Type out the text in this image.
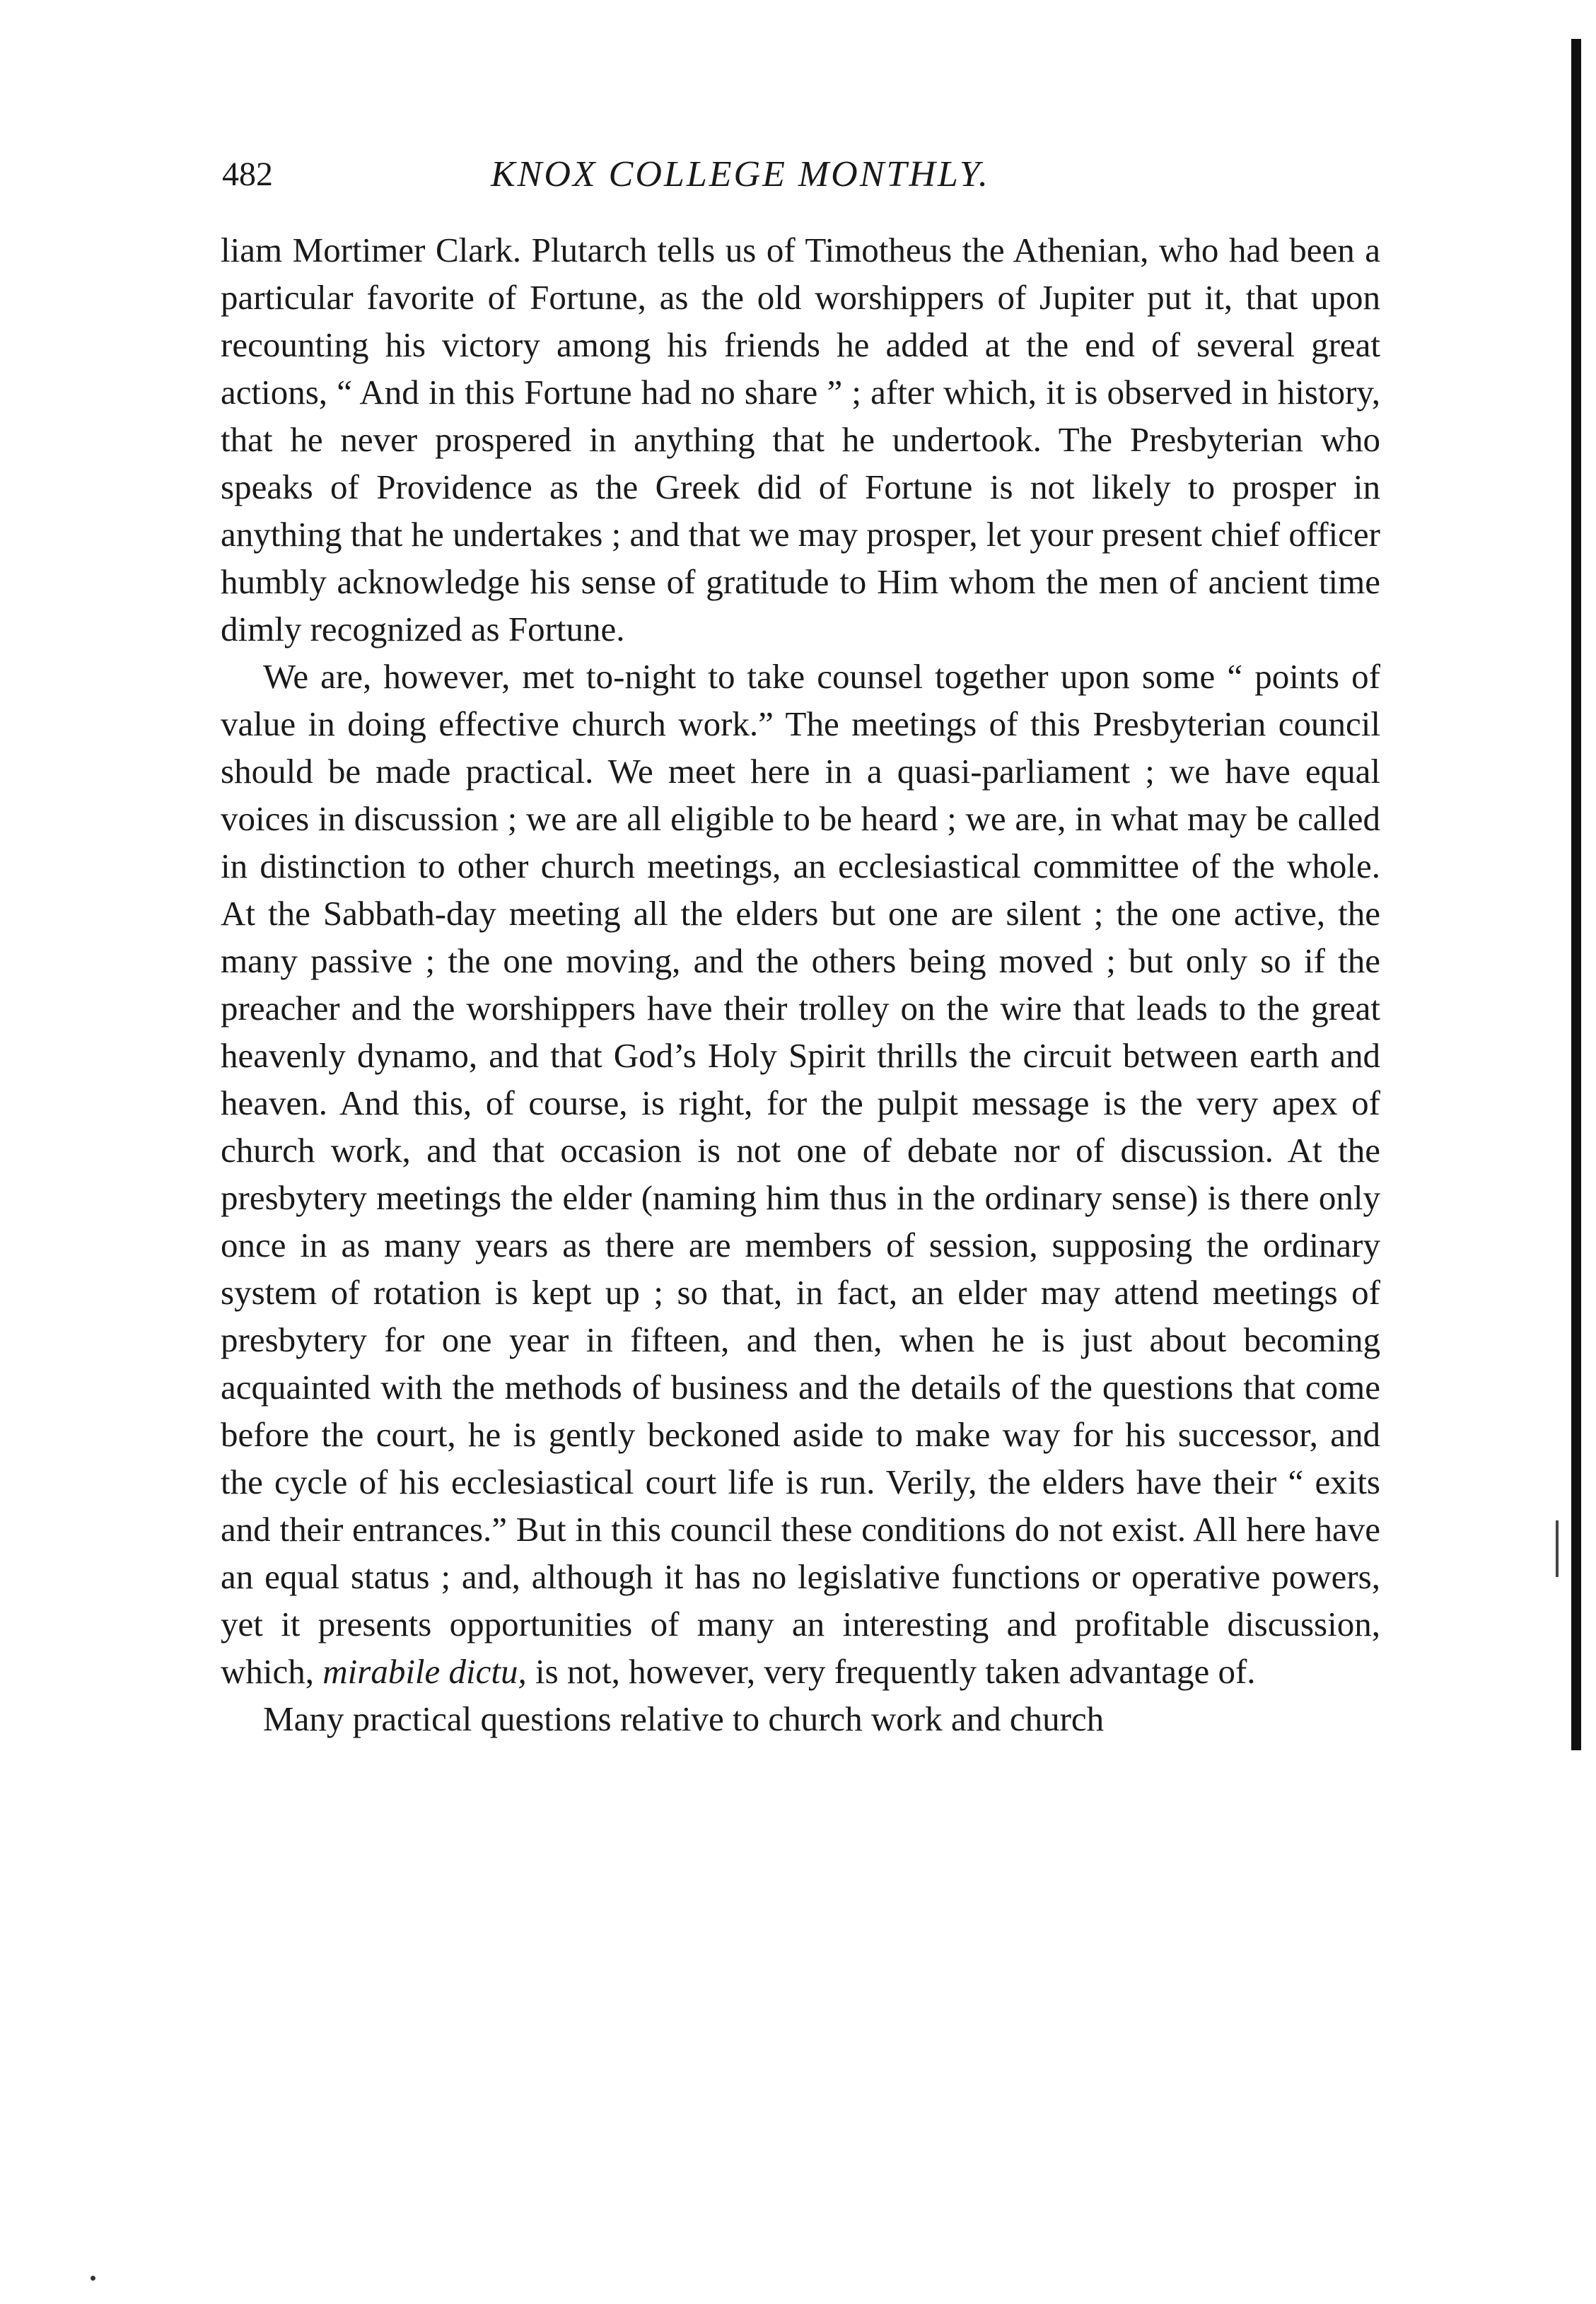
482	KNOX COLLEGE MONTHLY.

liam Mortimer Clark. Plutarch tells us of Timotheus the Athenian, who had been a particular favorite of Fortune, as the old worshippers of Jupiter put it, that upon recounting his victory among his friends he added at the end of several great actions, “ And in this Fortune had no share ” ; after which, it is observed in history, that he never prospered in anything that he undertook. The Presbyterian who speaks of Providence as the Greek did of Fortune is not likely to prosper in anything that he undertakes ; and that we may prosper, let your present chief officer humbly acknowledge his sense of gratitude to Him whom the men of ancient time dimly recognized as Fortune.

We are, however, met to-night to take counsel together upon some “ points of value in doing effective church work.” The meetings of this Presbyterian council should be made practical. We meet here in a quasi-parliament ; we have equal voices in discussion ; we are all eligible to be heard ; we are, in what may be called in distinction to other church meetings, an ecclesiastical committee of the whole. At the Sabbath-day meeting all the elders but one are silent ; the one active, the many passive ; the one moving, and the others being moved ; but only so if the preacher and the worshippers have their trolley on the wire that leads to the great heavenly dynamo, and that God’s Holy Spirit thrills the circuit between earth and heaven. And this, of course, is right, for the pulpit message is the very apex of church work, and that occasion is not one of debate nor of discussion. At the presbytery meetings the elder (naming him thus in the ordinary sense) is there only once in as many years as there are members of session, supposing the ordinary system of rotation is kept up ; so that, in fact, an elder may attend meetings of presbytery for one year in fifteen, and then, when he is just about becoming acquainted with the methods of business and the details of the questions that come before the court, he is gently beckoned aside to make way for his successor, and the cycle of his ecclesiastical court life is run. Verily, the elders have their “ exits and their entrances.” But in this council these conditions do not exist. All here have an equal status ; and, although it has no legislative functions or operative powers, yet it presents opportunities of many an interesting and profitable discussion, which, mirabile dictu, is not, however, very frequently taken advantage of.

Many practical questions relative to church work and church
